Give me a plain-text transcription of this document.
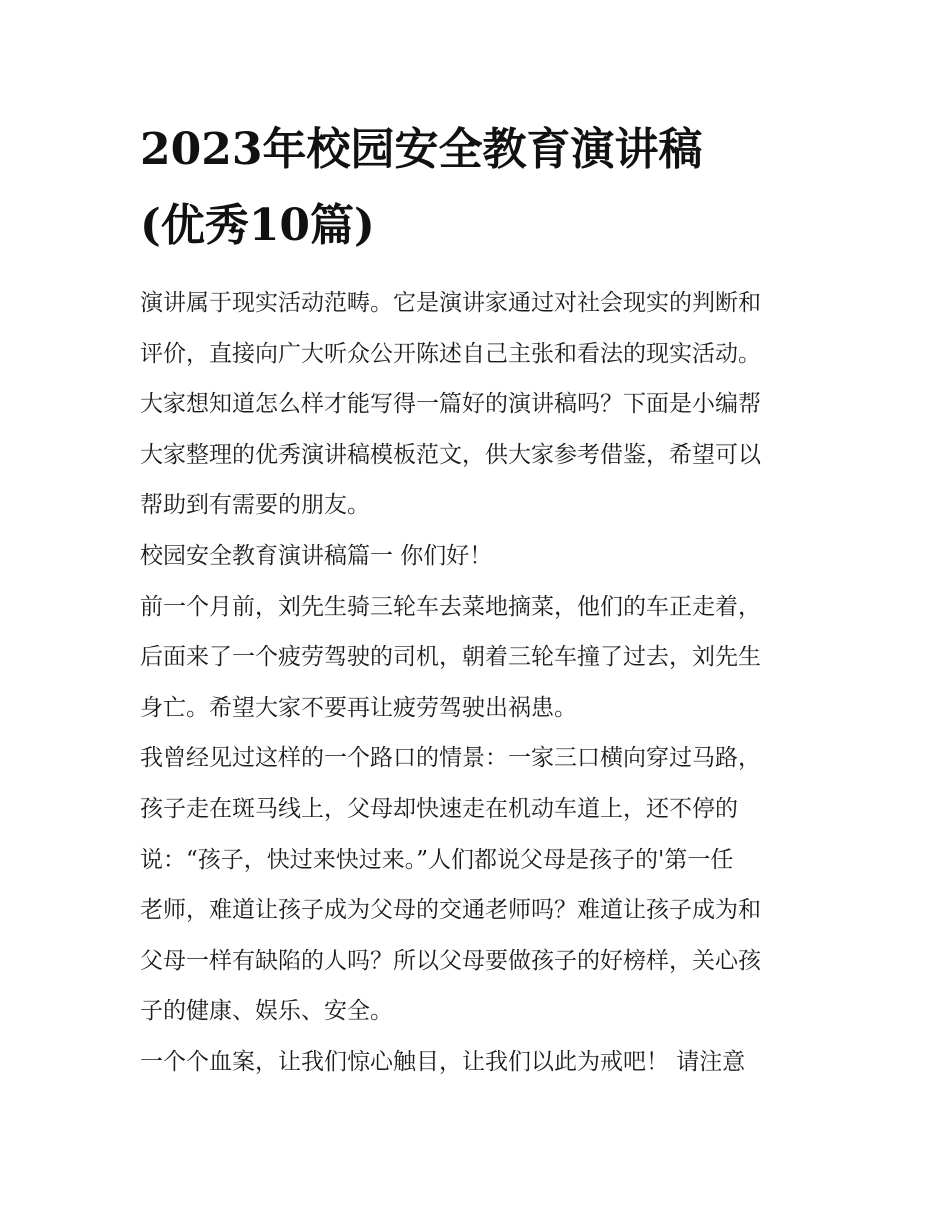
2023年校园安全教育演讲稿
(优秀10篇)
演讲属于现实活动范畴。它是演讲家通过对社会现实的判断和
评价，直接向广大听众公开陈述自己主张和看法的现实活动。
大家想知道怎么样才能写得一篇好的演讲稿吗？下面是小编帮
大家整理的优秀演讲稿模板范文，供大家参考借鉴，希望可以
帮助到有需要的朋友。
校园安全教育演讲稿篇一 你们好！
前一个月前，刘先生骑三轮车去菜地摘菜，他们的车正走着，
后面来了一个疲劳驾驶的司机，朝着三轮车撞了过去，刘先生
身亡。希望大家不要再让疲劳驾驶出祸患。
我曾经见过这样的一个路口的情景：一家三口横向穿过马路，
孩子走在斑马线上，父母却快速走在机动车道上，还不停的
说：“孩子，快过来快过来。”人们都说父母是孩子的'第一任
老师，难道让孩子成为父母的交通老师吗？难道让孩子成为和
父母一样有缺陷的人吗？所以父母要做孩子的好榜样，关心孩
子的健康、娱乐、安全。
一个个血案，让我们惊心触目，让我们以此为戒吧！ 请注意
